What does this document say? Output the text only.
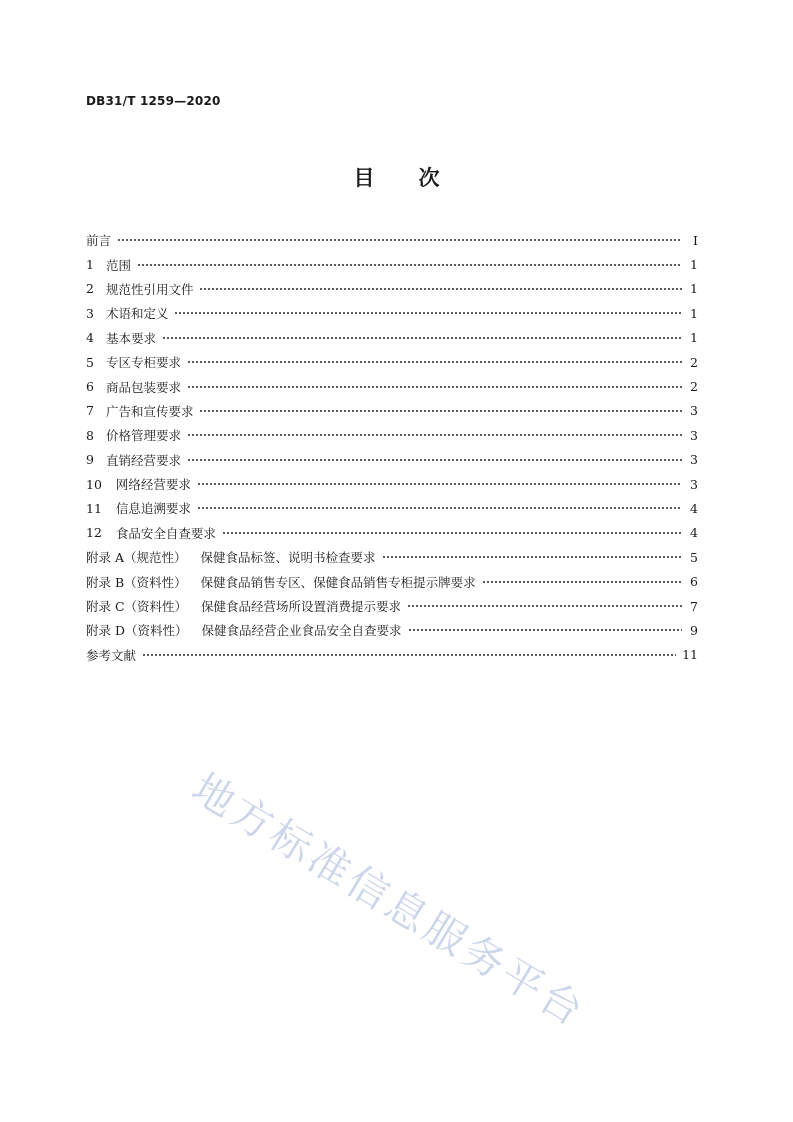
DB31/T 1259—2020
目 次
前言	Ⅰ
1 范围	1
2 规范性引用文件	1
3 术语和定义	1
4 基本要求	1
5 专区专柜要求	2
6 商品包装要求	2
7 广告和宣传要求	3
8 价格管理要求	3
9 直销经营要求	3
10 网络经营要求	3
11 信息追溯要求	4
12 食品安全自查要求	4
附录 A（规范性） 保健食品标签、说明书检查要求	5
附录 B（资料性） 保健食品销售专区、保健食品销售专柜提示牌要求	6
附录 C（资料性） 保健食品经营场所设置消费提示要求	7
附录 D（资料性） 保健食品经营企业食品安全自查要求	9
参考文献	11
地方标准信息服务平台
